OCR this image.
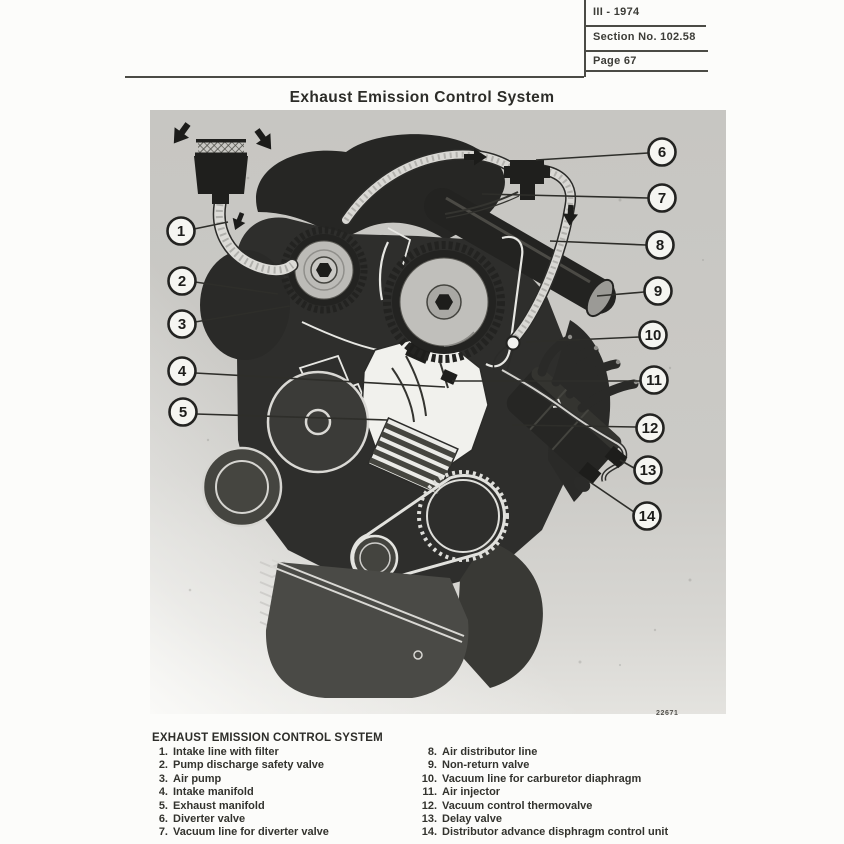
III - 1974
Section No. 102.58
Page 67
Exhaust Emission Control System
1
2
3
4
5
6
7
8
9
10
11
12
13
14
22671
EXHAUST EMISSION CONTROL SYSTEM
1. Intake line with filter
2. Pump discharge safety valve
3. Air pump
4. Intake manifold
5. Exhaust manifold
6. Diverter valve
7. Vacuum line for diverter valve
8. Air distributor line
9. Non-return valve
10. Vacuum line for carburetor diaphragm
11. Air injector
12. Vacuum control thermovalve
13. Delay valve
14. Distributor advance disphragm control unit
